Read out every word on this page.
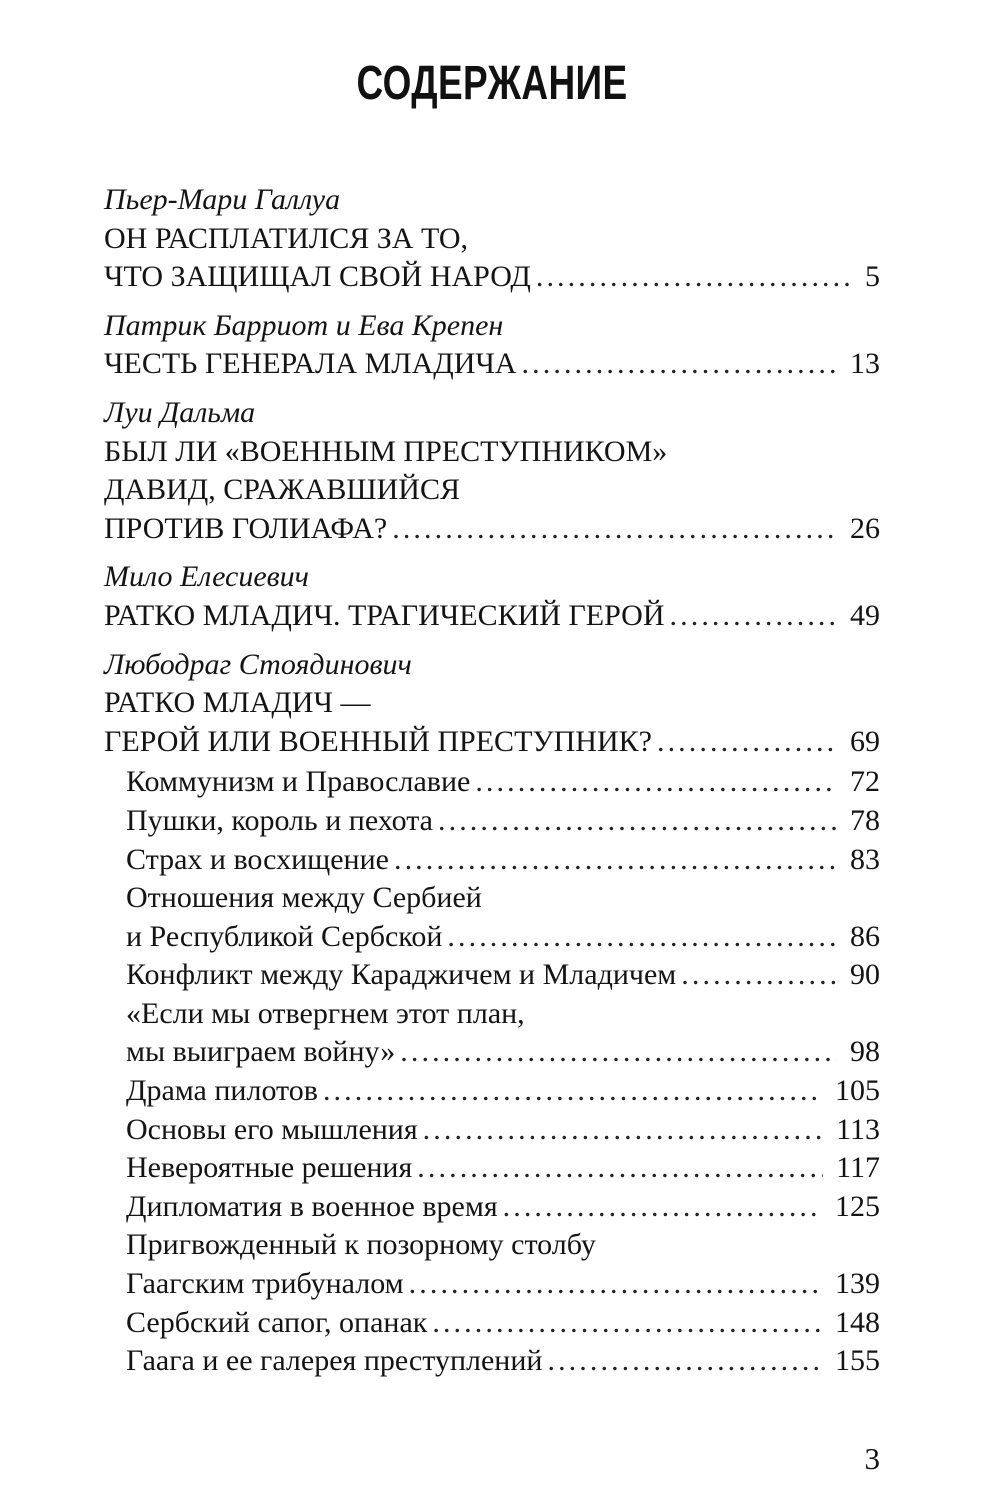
СОДЕРЖАНИЕ
Пьер-Мари Галлуа
ОН РАСПЛАТИЛСЯ ЗА ТО,
ЧТО ЗАЩИЩАЛ СВОЙ НАРОД .....	5
Патрик Барриот и Ева Крепен
ЧЕСТЬ ГЕНЕРАЛА МЛАДИЧА .....	13
Луи Дальма
БЫЛ ЛИ «ВОЕННЫМ ПРЕСТУПНИКОМ»
ДАВИД, СРАЖАВШИЙСЯ
ПРОТИВ ГОЛИАФА? .....	26
Мило Елесиевич
РАТКО МЛАДИЧ. ТРАГИЧЕСКИЙ ГЕРОЙ .....	49
Любодраг Стоядинович
РАТКО МЛАДИЧ —
ГЕРОЙ ИЛИ ВОЕННЫЙ ПРЕСТУПНИК? .....	69
Коммунизм и Православие .....	72
Пушки, король и пехота .....	78
Страх и восхищение .....	83
Отношения между Сербией
и Республикой Сербской .....	86
Конфликт между Караджичем и Младичем .....	90
«Если мы отвергнем этот план,
мы выиграем войну» .....	98
Драма пилотов .....	105
Основы его мышления .....	113
Невероятные решения .....	117
Дипломатия в военное время .....	125
Пригвожденный к позорному столбу
Гаагским трибуналом .....	139
Сербский сапог, опанак .....	148
Гаага и ее галерея преступлений .....	155
3
